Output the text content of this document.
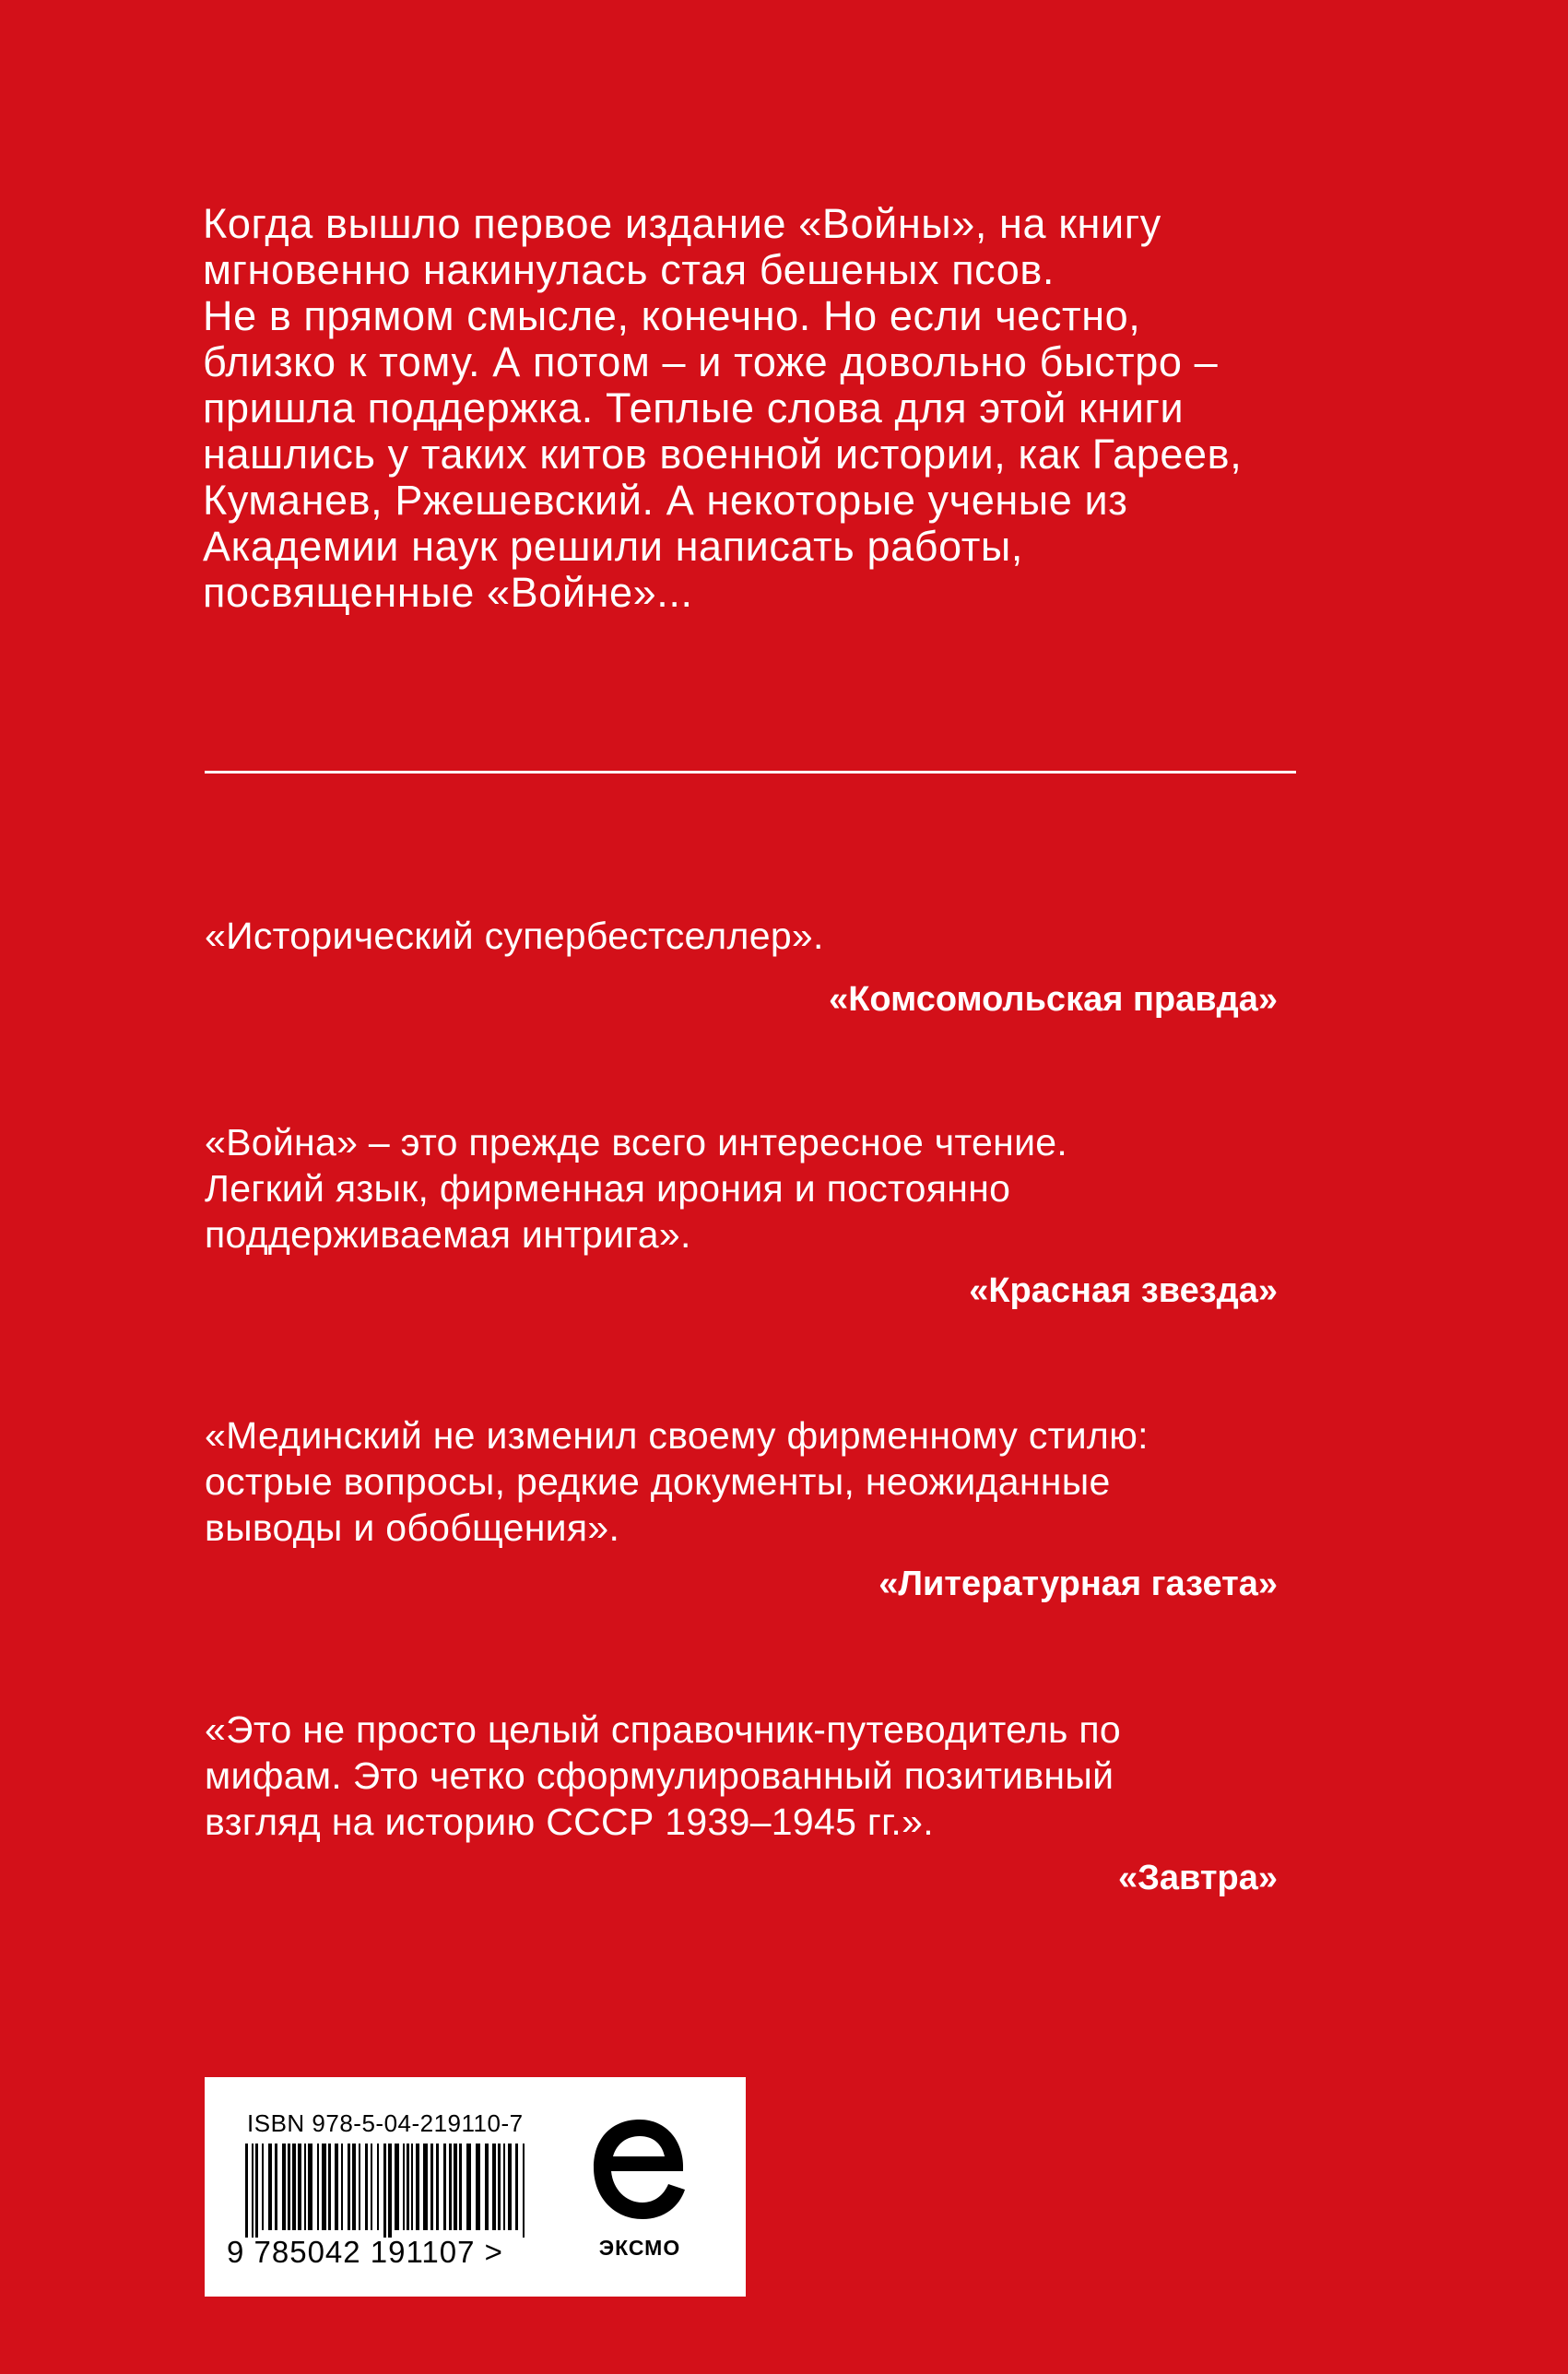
Когда вышло первое издание «Войны», на книгу
мгновенно накинулась стая бешеных псов.
Не в прямом смысле, конечно. Но если честно,
близко к тому. А потом – и тоже довольно быстро –
пришла поддержка. Теплые слова для этой книги
нашлись у таких китов военной истории, как Гареев,
Куманев, Ржешевский. А некоторые ученые из
Академии наук решили написать работы,
посвященные «Войне»...
«Исторический супербестселлер».
«Комсомольская правда»
«Война» – это прежде всего интересное чтение.
Легкий язык, фирменная ирония и постоянно
поддерживаемая интрига».
«Красная звезда»
«Мединский не изменил своему фирменному стилю:
острые вопросы, редкие документы, неожиданные
выводы и обобщения».
«Литературная газета»
«Это не просто целый справочник-путеводитель по
мифам. Это четко сформулированный позитивный
взгляд на историю СССР 1939–1945 гг.».
«Завтра»
ISBN 978-5-04-219110-7
9 785042 191107 >	ЭКСМО
